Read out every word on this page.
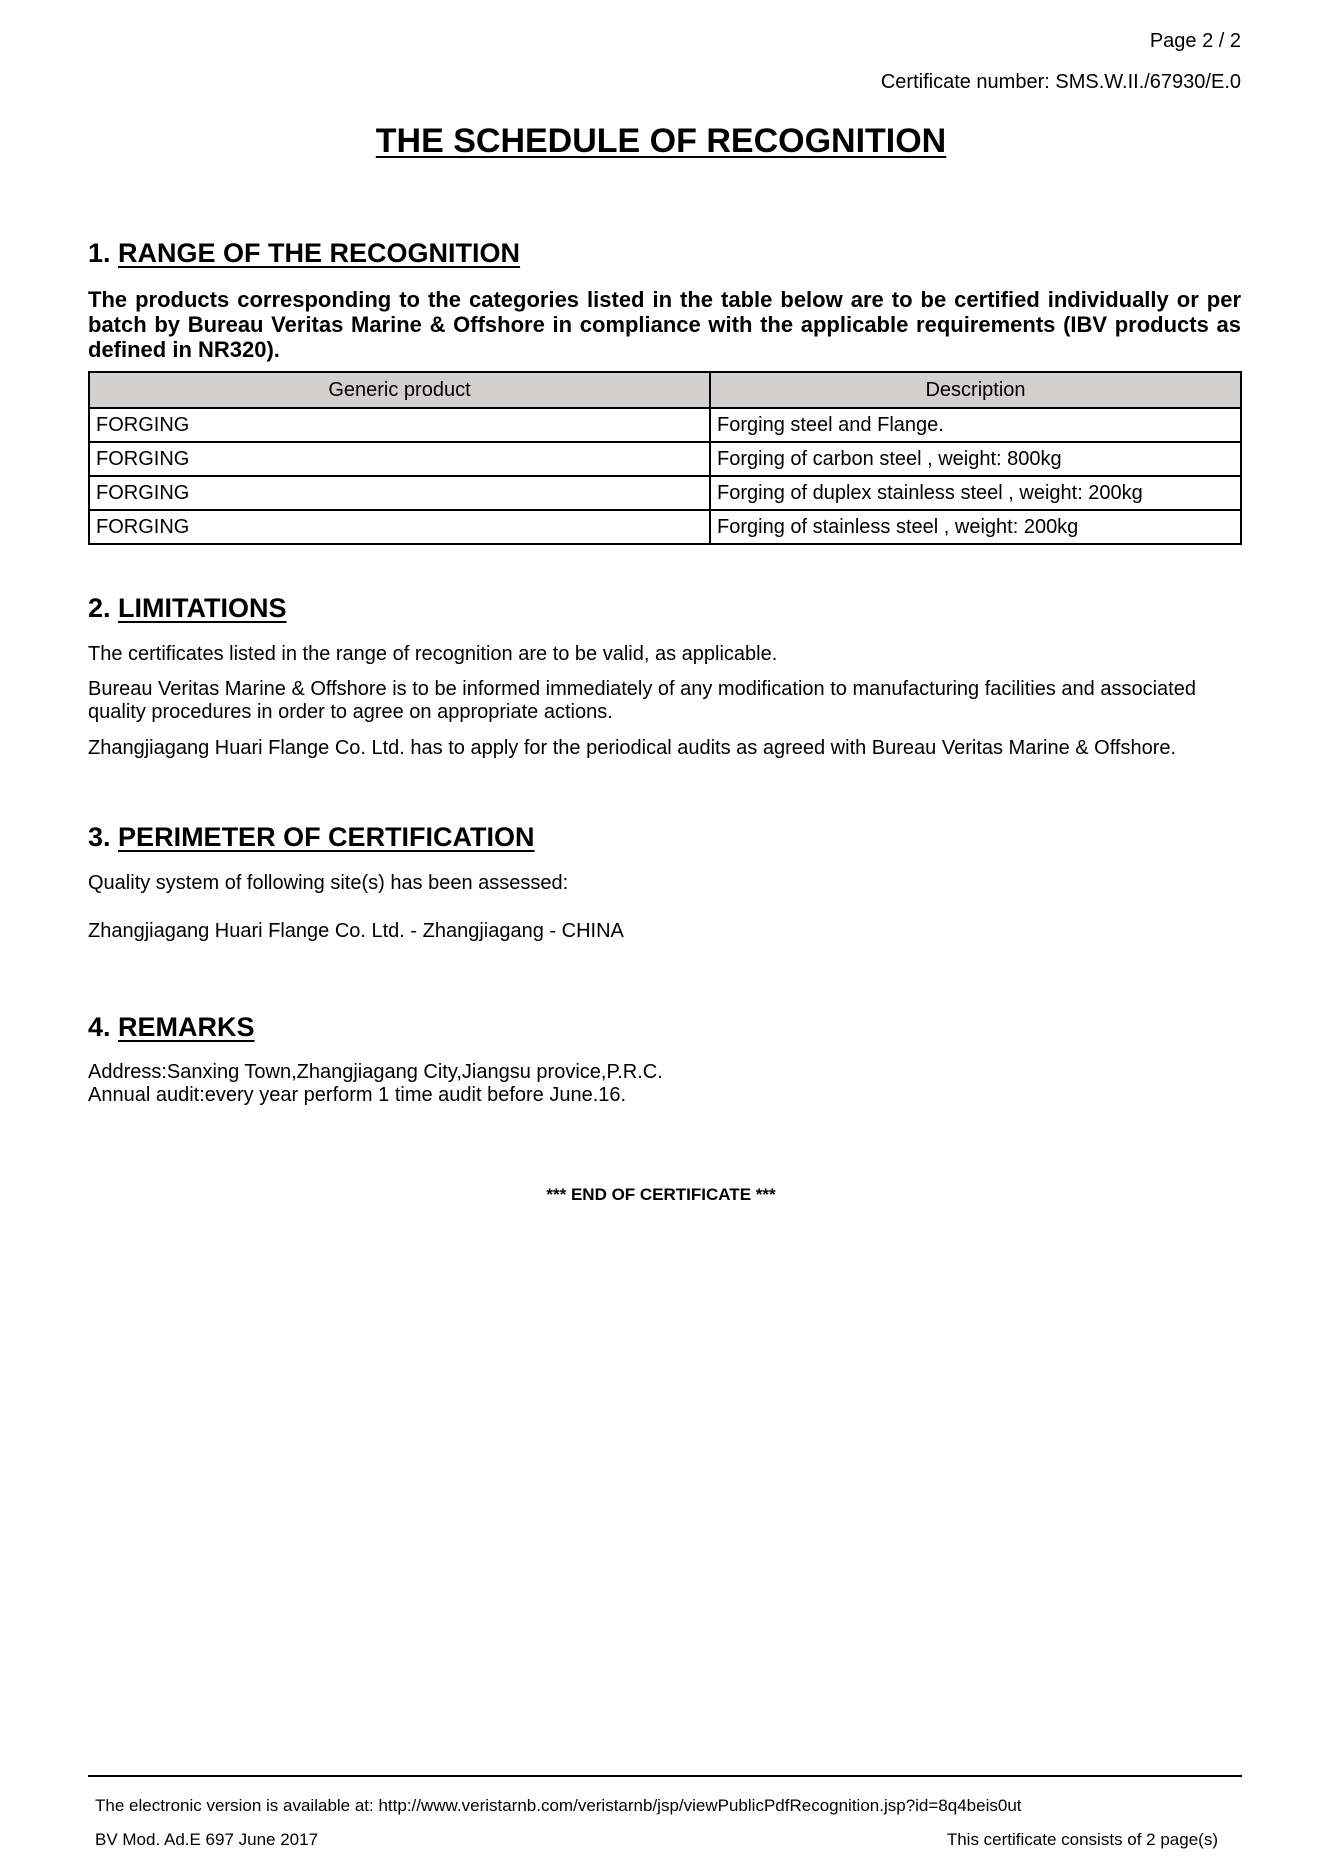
Page 2 / 2
Certificate number: SMS.W.II./67930/E.0
THE SCHEDULE OF RECOGNITION
1. RANGE OF THE RECOGNITION
The products corresponding to the categories listed in the table below are to be certified individually or per batch by Bureau Veritas Marine & Offshore in compliance with the applicable requirements (IBV products as defined in NR320).
Generic product	Description
FORGING	Forging steel and Flange.
FORGING	Forging of carbon steel , weight: 800kg
FORGING	Forging of duplex stainless steel , weight: 200kg
FORGING	Forging of stainless steel , weight: 200kg
2. LIMITATIONS
The certificates listed in the range of recognition are to be valid, as applicable.
Bureau Veritas Marine & Offshore is to be informed immediately of any modification to manufacturing facilities and associated quality procedures in order to agree on appropriate actions.
Zhangjiagang Huari Flange Co. Ltd. has to apply for the periodical audits as agreed with Bureau Veritas Marine & Offshore.
3. PERIMETER OF CERTIFICATION
Quality system of following site(s) has been assessed:
Zhangjiagang Huari Flange Co. Ltd. - Zhangjiagang - CHINA
4. REMARKS
Address:Sanxing Town,Zhangjiagang City,Jiangsu provice,P.R.C.
Annual audit:every year perform 1 time audit before June.16.
*** END OF CERTIFICATE ***
The electronic version is available at: http://www.veristarnb.com/veristarnb/jsp/viewPublicPdfRecognition.jsp?id=8q4beis0ut
BV Mod. Ad.E 697 June 2017	This certificate consists of 2 page(s)
